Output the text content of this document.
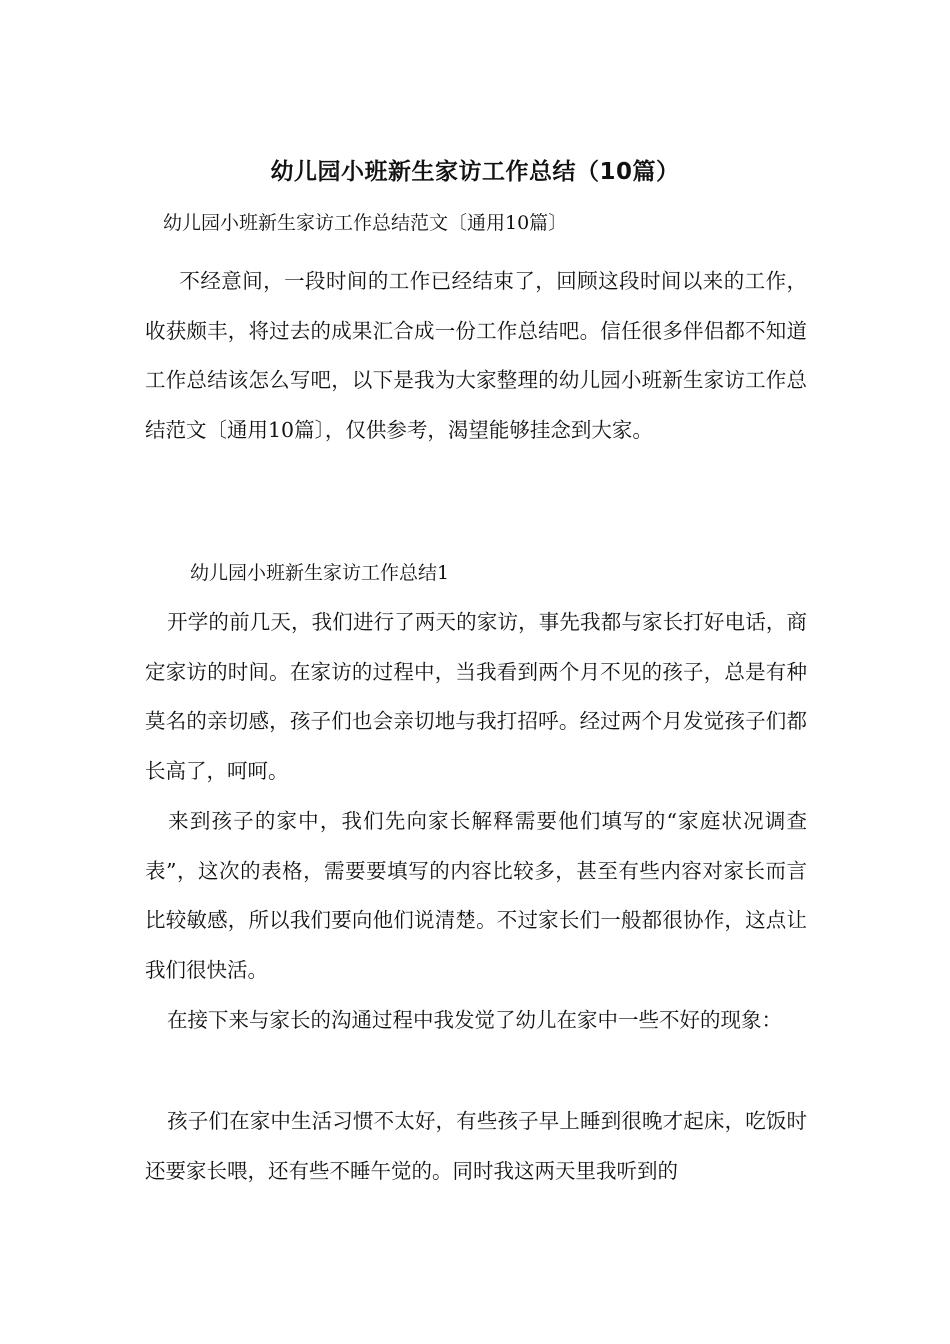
幼儿园小班新生家访工作总结（10篇）
幼儿园小班新生家访工作总结范文〔通用10篇〕

不经意间，一段时间的工作已经结束了，回顾这段时间以来的工作，收获颇丰，将过去的成果汇合成一份工作总结吧。信任很多伴侣都不知道工作总结该怎么写吧，以下是我为大家整理的幼儿园小班新生家访工作总结范文〔通用10篇〕，仅供参考，渴望能够挂念到大家。

幼儿园小班新生家访工作总结1

开学的前几天，我们进行了两天的家访，事先我都与家长打好电话，商定家访的时间。在家访的过程中，当我看到两个月不见的孩子，总是有种莫名的亲切感，孩子们也会亲切地与我打招呼。经过两个月发觉孩子们都长高了，呵呵。

来到孩子的家中，我们先向家长解释需要他们填写的“家庭状况调查表”，这次的表格，需要要填写的内容比较多，甚至有些内容对家长而言比较敏感，所以我们要向他们说清楚。不过家长们一般都很协作，这点让我们很快活。

在接下来与家长的沟通过程中我发觉了幼儿在家中一些不好的现象：

孩子们在家中生活习惯不太好，有些孩子早上睡到很晚才起床，吃饭时还要家长喂，还有些不睡午觉的。同时我这两天里我听到的
